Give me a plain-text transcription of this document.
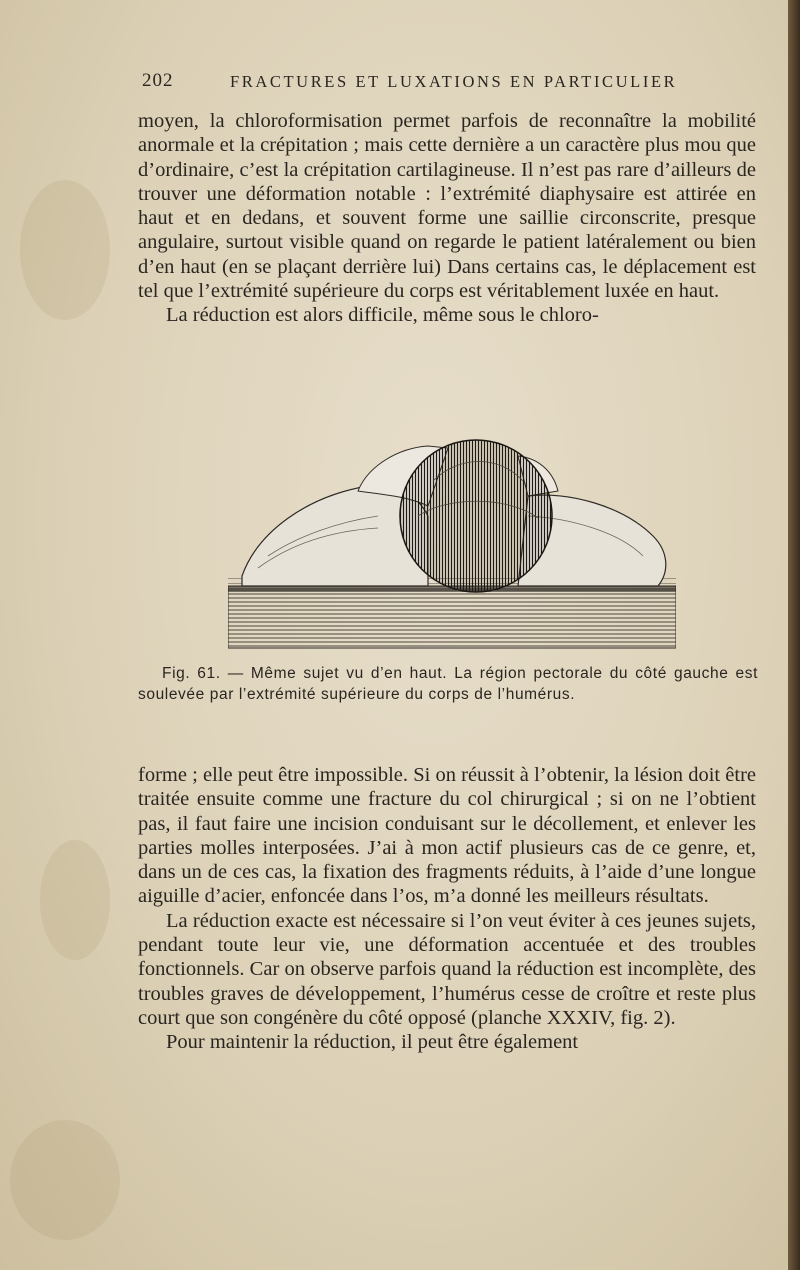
202	FRACTURES ET LUXATIONS EN PARTICULIER

moyen, la chloroformisation permet parfois de reconnaître la mobilité anormale et la crépitation ; mais cette dernière a un caractère plus mou que d’ordinaire, c’est la crépitation cartilagineuse. Il n’est pas rare d’ailleurs de trouver une déformation notable : l’extrémité diaphysaire est attirée en haut et en dedans, et souvent forme une saillie circonscrite, presque angulaire, surtout visible quand on regarde le patient latéralement ou bien d’en haut (en se plaçant derrière lui) Dans certains cas, le déplacement est tel que l’extrémité supérieure du corps est véritablement luxée en haut.

La réduction est alors difficile, même sous le chloro-

Fig. 61. — Même sujet vu d’en haut. La région pectorale du côté gauche est soulevée par l’extrémité supérieure du corps de l’humérus.

forme ; elle peut être impossible. Si on réussit à l’obtenir, la lésion doit être traitée ensuite comme une fracture du col chirurgical ; si on ne l’obtient pas, il faut faire une incision conduisant sur le décollement, et enlever les parties molles interposées. J’ai à mon actif plusieurs cas de ce genre, et, dans un de ces cas, la fixation des fragments réduits, à l’aide d’une longue aiguille d’acier, enfoncée dans l’os, m’a donné les meilleurs résultats.

La réduction exacte est nécessaire si l’on veut éviter à ces jeunes sujets, pendant toute leur vie, une déformation accentuée et des troubles fonctionnels. Car on observe parfois quand la réduction est incomplète, des troubles graves de développement, l’humérus cesse de croître et reste plus court que son congénère du côté opposé (planche XXXIV, fig. 2).

Pour maintenir la réduction, il peut être également
